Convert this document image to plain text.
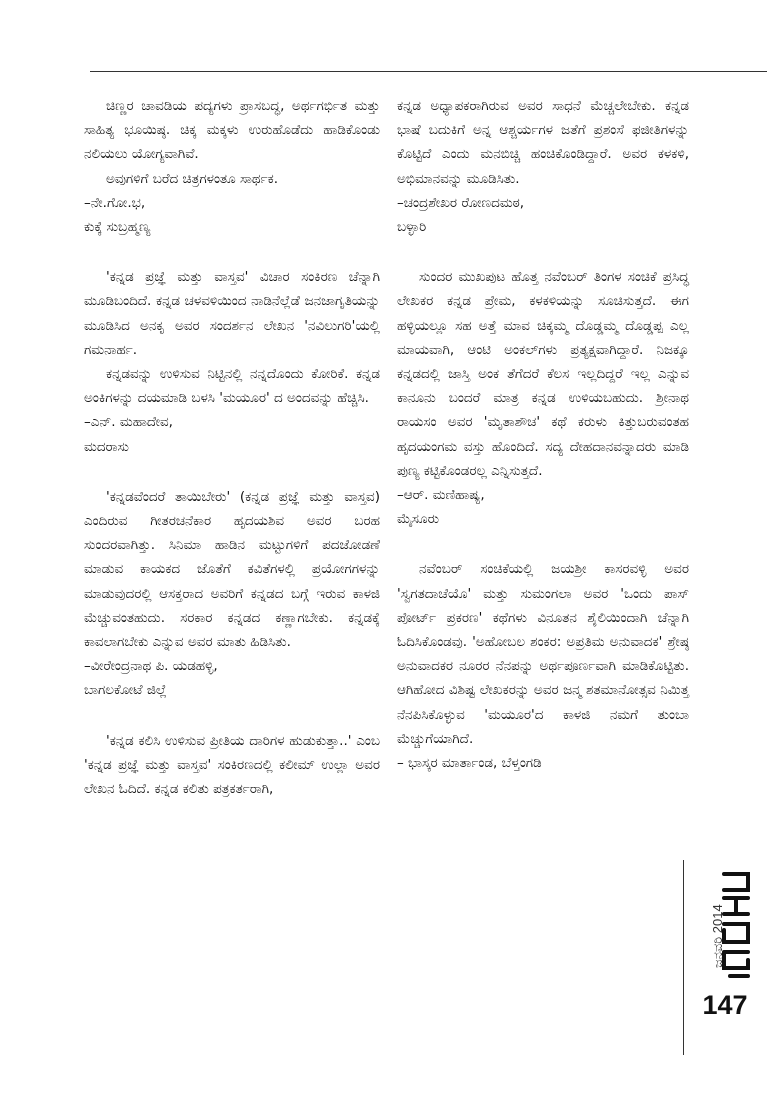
ಚಿಣ್ಣರ ಚಾವಡಿಯ ಪದ್ಯಗಳು ಪ್ರಾಸಬದ್ಧ, ಅರ್ಥಗರ್ಭಿತ ಮತ್ತು ಸಾಹಿತ್ಯ ಭೂಯಿಷ್ಠ. ಚಿಕ್ಕ ಮಕ್ಕಳು ಉರುಹೊಡೆದು ಹಾಡಿಕೊಂಡು ನಲಿಯಲು ಯೋಗ್ಯವಾಗಿವೆ.

ಅವುಗಳಿಗೆ ಬರೆದ ಚಿತ್ರಗಳಂತೂ ಸಾರ್ಥಕ.

–ನೇ.ಗೋ.ಭ,

ಕುಕ್ಕೆ ಸುಬ್ರಹ್ಮಣ್ಯ

'ಕನ್ನಡ ಪ್ರಜ್ಞೆ ಮತ್ತು ವಾಸ್ತವ' ವಿಚಾರ ಸಂಕಿರಣ ಚೆನ್ನಾಗಿ ಮೂಡಿಬಂದಿದೆ. ಕನ್ನಡ ಚಳವಳಿಯಿಂದ ನಾಡಿನೆಲ್ಲೆಡೆ ಜನಜಾಗೃತಿಯನ್ನು ಮೂಡಿಸಿದ ಅನಕೃ ಅವರ ಸಂದರ್ಶನ ಲೇಖನ 'ನವಿಲುಗರಿ'ಯಲ್ಲಿ ಗಮನಾರ್ಹ.

ಕನ್ನಡವನ್ನು ಉಳಿಸುವ ನಿಟ್ಟಿನಲ್ಲಿ ನನ್ನದೊಂದು ಕೋರಿಕೆ. ಕನ್ನಡ ಅಂಕಿಗಳನ್ನು ದಯಮಾಡಿ ಬಳಸಿ 'ಮಯೂರ' ದ ಅಂದವನ್ನು ಹೆಚ್ಚಿಸಿ.

–ಎನ್. ಮಹಾದೇವ,

ಮದರಾಸು

'ಕನ್ನಡವೆಂದರೆ ತಾಯಿಬೇರು' (ಕನ್ನಡ ಪ್ರಜ್ಞೆ ಮತ್ತು ವಾಸ್ತವ) ಎಂದಿರುವ ಗೀತರಚನೆಕಾರ ಹೃದಯಶಿವ ಅವರ ಬರಹ ಸುಂದರವಾಗಿತ್ತು. ಸಿನಿಮಾ ಹಾಡಿನ ಮಟ್ಟುಗಳಿಗೆ ಪದಜೋಡಣೆ ಮಾಡುವ ಕಾಯಕದ ಜೊತೆಗೆ ಕವಿತೆಗಳಲ್ಲಿ ಪ್ರಯೋಗಗಳನ್ನು ಮಾಡುವುದರಲ್ಲಿ ಆಸಕ್ತರಾದ ಅವರಿಗೆ ಕನ್ನಡದ ಬಗ್ಗೆ ಇರುವ ಕಾಳಜಿ ಮೆಚ್ಚುವಂತಹುದು. ಸರಕಾರ ಕನ್ನಡದ ಕಣ್ಣಾಗಬೇಕು. ಕನ್ನಡಕ್ಕೆ ಕಾವಲಾಗಬೇಕು ಎನ್ನುವ ಅವರ ಮಾತು ಹಿಡಿಸಿತು.

–ವೀರೇಂದ್ರನಾಥ ಪಿ. ಯಡಹಳ್ಳಿ,

ಬಾಗಲಕೋಟೆ ಜಿಲ್ಲೆ

'ಕನ್ನಡ ಕಲಿಸಿ ಉಳಿಸುವ ಪ್ರೀತಿಯ ದಾರಿಗಳ ಹುಡುಕುತ್ತಾ..' ಎಂಬ 'ಕನ್ನಡ ಪ್ರಜ್ಞೆ ಮತ್ತು ವಾಸ್ತವ' ಸಂಕಿರಣದಲ್ಲಿ ಕಲೀಮ್ ಉಲ್ಲಾ ಅವರ ಲೇಖನ ಓದಿದೆ. ಕನ್ನಡ ಕಲಿತು ಪತ್ರಕರ್ತರಾಗಿ,

ಕನ್ನಡ ಅಧ್ಯಾಪಕರಾಗಿರುವ ಅವರ ಸಾಧನೆ ಮೆಚ್ಚಲೇಬೇಕು. ಕನ್ನಡ ಭಾಷೆ ಬದುಕಿಗೆ ಅನ್ನ ಆಶ್ಚರ್ಯಗಳ ಜತೆಗೆ ಪ್ರಶಂಸೆ ಫಜೀತಿಗಳನ್ನು ಕೊಟ್ಟಿದೆ ಎಂದು ಮನಬಿಚ್ಚಿ ಹಂಚಿಕೊಂಡಿದ್ದಾರೆ. ಅವರ ಕಳಕಳಿ, ಅಭಿಮಾನವನ್ನು ಮೂಡಿಸಿತು.

–ಚಂದ್ರಶೇಖರ ರೋಣದಮಠ,

ಬಳ್ಳಾರಿ

ಸುಂದರ ಮುಖಪುಟ ಹೊತ್ತ ನವೆಂಬರ್ ತಿಂಗಳ ಸಂಚಿಕೆ ಪ್ರಸಿದ್ಧ ಲೇಖಕರ ಕನ್ನಡ ಪ್ರೇಮ, ಕಳಕಳಿಯನ್ನು ಸೂಚಿಸುತ್ತದೆ. ಈಗ ಹಳ್ಳಿಯಲ್ಲೂ ಸಹ ಅತ್ತೆ ಮಾವ ಚಿಕ್ಕಮ್ಮ ದೊಡ್ಡಮ್ಮ ದೊಡ್ಡಪ್ಪ ಎಲ್ಲ ಮಾಯವಾಗಿ, ಆಂಟಿ ಅಂಕಲ್‌ಗಳು ಪ್ರತ್ಯಕ್ಷವಾಗಿದ್ದಾರೆ. ನಿಜಕ್ಕೂ ಕನ್ನಡದಲ್ಲಿ ಜಾಸ್ತಿ ಅಂಕ ತೆಗೆದರೆ ಕೆಲಸ ಇಲ್ಲದಿದ್ದರೆ ಇಲ್ಲ ಎನ್ನುವ ಕಾನೂನು ಬಂದರೆ ಮಾತ್ರ ಕನ್ನಡ ಉಳಿಯಬಹುದು. ಶ್ರೀನಾಥ ರಾಯಸಂ ಅವರ 'ಮೃತಾಶೌಚ' ಕಥೆ ಕರುಳು ಕಿತ್ತುಬರುವಂತಹ ಹೃದಯಂಗಮ ವಸ್ತು ಹೊಂದಿದೆ. ಸದ್ಯ ದೇಹದಾನವನ್ನಾದರು ಮಾಡಿ ಪುಣ್ಯ ಕಟ್ಟಿಕೊಂಡರಲ್ಲ ಎನ್ನಿಸುತ್ತದೆ.

–ಆರ್. ಮಣಿಹಾಷ್ಯ,

ಮೈಸೂರು

ನವೆಂಬರ್ ಸಂಚಿಕೆಯಲ್ಲಿ ಜಯಶ್ರೀ ಕಾಸರವಳ್ಳಿ ಅವರ 'ಸ್ವಗತದಾಚೆಯೊ' ಮತ್ತು ಸುಮಂಗಲಾ ಅವರ 'ಒಂದು ಪಾಸ್ ಪೋರ್ಟ್ ಪ್ರಕರಣ' ಕಥೆಗಳು ವಿನೂತನ ಶೈಲಿಯಿಂದಾಗಿ ಚೆನ್ನಾಗಿ ಓದಿಸಿಕೊಂಡವು. 'ಅಹೋಬಲ ಶಂಕರ: ಅಪ್ರತಿಮ ಅನುವಾದಕ' ಶ್ರೇಷ್ಠ ಅನುವಾದಕರ ನೂರರ ನೆನಪನ್ನು ಅರ್ಥಪೂರ್ಣವಾಗಿ ಮಾಡಿಕೊಟ್ಟಿತು. ಆಗಿಹೋದ ವಿಶಿಷ್ಟ ಲೇಖಕರನ್ನು ಅವರ ಜನ್ಮ ಶತಮಾನೋತ್ಸವ ನಿಮಿತ್ತ ನೆನಪಿಸಿಕೊಳ್ಳುವ 'ಮಯೂರ'ದ ಕಾಳಜಿ ನಮಗೆ ತುಂಬಾ ಮೆಚ್ಚುಗೆಯಾಗಿದೆ.

– ಭಾಸ್ಕರ ಮಾರ್ತಾಂಡ, ಬೆಳ್ತಂಗಡಿ

ಜನವರಿ 2014
147
